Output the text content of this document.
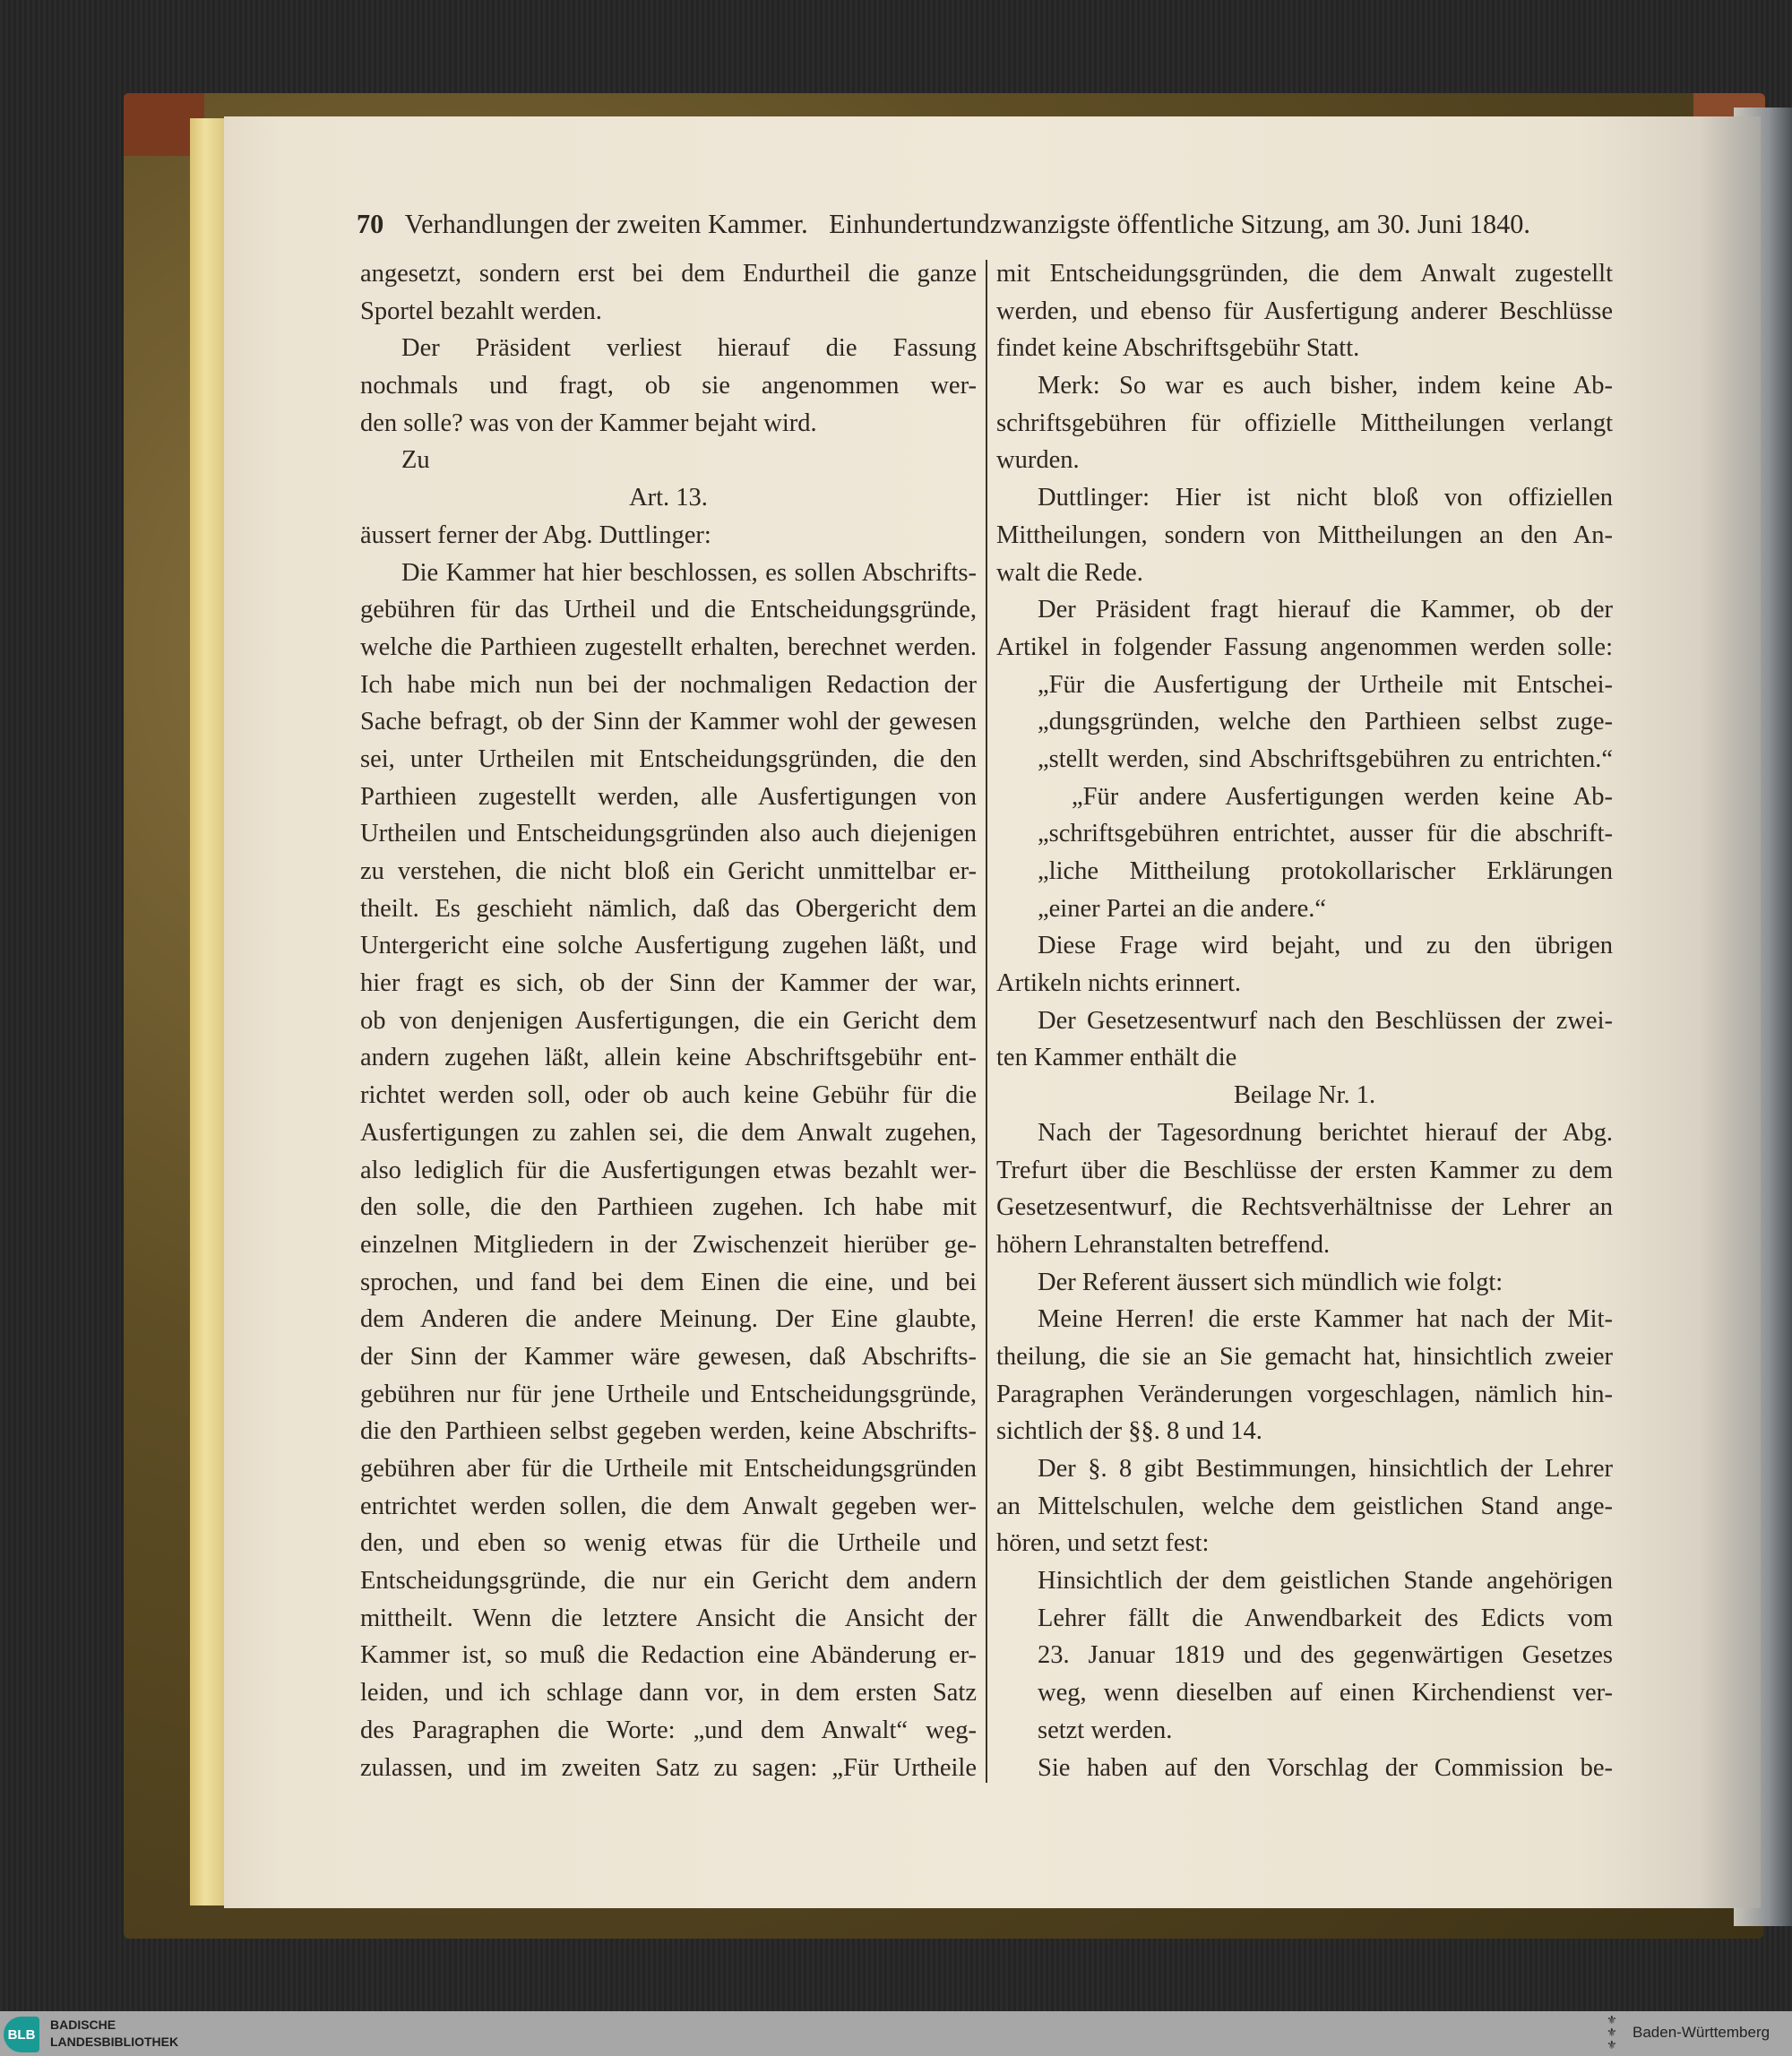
70 Verhandlungen der zweiten Kammer. Einhundertundzwanzigste öffentliche Sitzung, am 30. Juni 1840.
angesetzt, sondern erst bei dem Endurtheil die ganze
Sportel bezahlt werden.
Der Präsident verliest hierauf die Fassung
nochmals und fragt, ob sie angenommen wer-
den solle? was von der Kammer bejaht wird.
Zu
Art. 13.
äussert ferner der Abg. Duttlinger:
Die Kammer hat hier beschlossen, es sollen Abschrifts-
gebühren für das Urtheil und die Entscheidungsgründe,
welche die Parthieen zugestellt erhalten, berechnet werden.
Ich habe mich nun bei der nochmaligen Redaction der
Sache befragt, ob der Sinn der Kammer wohl der gewesen
sei, unter Urtheilen mit Entscheidungsgründen, die den
Parthieen zugestellt werden, alle Ausfertigungen von
Urtheilen und Entscheidungsgründen also auch diejenigen
zu verstehen, die nicht bloß ein Gericht unmittelbar er-
theilt. Es geschieht nämlich, daß das Obergericht dem
Untergericht eine solche Ausfertigung zugehen läßt, und
hier fragt es sich, ob der Sinn der Kammer der war,
ob von denjenigen Ausfertigungen, die ein Gericht dem
andern zugehen läßt, allein keine Abschriftsgebühr ent-
richtet werden soll, oder ob auch keine Gebühr für die
Ausfertigungen zu zahlen sei, die dem Anwalt zugehen,
also lediglich für die Ausfertigungen etwas bezahlt wer-
den solle, die den Parthieen zugehen. Ich habe mit
einzelnen Mitgliedern in der Zwischenzeit hierüber ge-
sprochen, und fand bei dem Einen die eine, und bei
dem Anderen die andere Meinung. Der Eine glaubte,
der Sinn der Kammer wäre gewesen, daß Abschrifts-
gebühren nur für jene Urtheile und Entscheidungsgründe,
die den Parthieen selbst gegeben werden, keine Abschrifts-
gebühren aber für die Urtheile mit Entscheidungsgründen
entrichtet werden sollen, die dem Anwalt gegeben wer-
den, und eben so wenig etwas für die Urtheile und
Entscheidungsgründe, die nur ein Gericht dem andern
mittheilt. Wenn die letztere Ansicht die Ansicht der
Kammer ist, so muß die Redaction eine Abänderung er-
leiden, und ich schlage dann vor, in dem ersten Satz
des Paragraphen die Worte: „und dem Anwalt“ weg-
zulassen, und im zweiten Satz zu sagen: „Für Urtheile
mit Entscheidungsgründen, die dem Anwalt zugestellt
werden, und ebenso für Ausfertigung anderer Beschlüsse
findet keine Abschriftsgebühr Statt.
Merk: So war es auch bisher, indem keine Ab-
schriftsgebühren für offizielle Mittheilungen verlangt
wurden.
Duttlinger: Hier ist nicht bloß von offiziellen
Mittheilungen, sondern von Mittheilungen an den An-
walt die Rede.
Der Präsident fragt hierauf die Kammer, ob der
Artikel in folgender Fassung angenommen werden solle:
„Für die Ausfertigung der Urtheile mit Entschei-
„dungsgründen, welche den Parthieen selbst zuge-
„stellt werden, sind Abschriftsgebühren zu entrichten.“
„Für andere Ausfertigungen werden keine Ab-
„schriftsgebühren entrichtet, ausser für die abschrift-
„liche Mittheilung protokollarischer Erklärungen
„einer Partei an die andere.“
Diese Frage wird bejaht, und zu den übrigen
Artikeln nichts erinnert.
Der Gesetzesentwurf nach den Beschlüssen der zwei-
ten Kammer enthält die
Beilage Nr. 1.
Nach der Tagesordnung berichtet hierauf der Abg.
Trefurt über die Beschlüsse der ersten Kammer zu dem
Gesetzesentwurf, die Rechtsverhältnisse der Lehrer an
höhern Lehranstalten betreffend.
Der Referent äussert sich mündlich wie folgt:
Meine Herren! die erste Kammer hat nach der Mit-
theilung, die sie an Sie gemacht hat, hinsichtlich zweier
Paragraphen Veränderungen vorgeschlagen, nämlich hin-
sichtlich der §§. 8 und 14.
Der §. 8 gibt Bestimmungen, hinsichtlich der Lehrer
an Mittelschulen, welche dem geistlichen Stand ange-
hören, und setzt fest:
Hinsichtlich der dem geistlichen Stande angehörigen
Lehrer fällt die Anwendbarkeit des Edicts vom
23. Januar 1819 und des gegenwärtigen Gesetzes
weg, wenn dieselben auf einen Kirchendienst ver-
setzt werden.
Sie haben auf den Vorschlag der Commission be-
BLB
BADISCHE
LANDESBIBLIOTHEK
⚜
⚜
⚜
Baden-Württemberg
